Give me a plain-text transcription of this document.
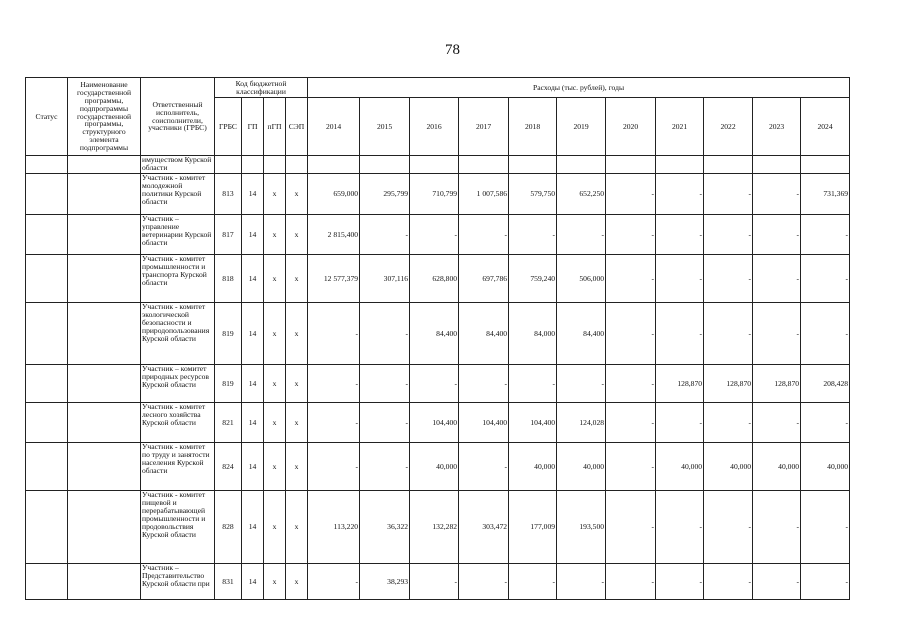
78
Статус	Наименование государственной программы, подпрограммы государственной программы, структурного элемента подпрограммы	Ответственный исполнитель, соисполнители, участники (ГРБС)	Код бюджетной классификации				Расходы (тыс. рублей), годы										
			ГРБС	ГП	пГП	СЭП	2014	2015	2016	2017	2018	2019	2020	2021	2022	2023	2024
		имуществом Курской области															
		Участник - комитет молодежной политики Курской области	813	14	х	х	659,000	295,799	710,799	1 007,586	579,750	652,250	-	-	-	-	731,369
		Участник – управление ветеринарии Курской области	817	14	х	х	2 815,400	-	-	-	-	-	-	-	-	-	-
		Участник - комитет промышленности и транспорта Курской области	818	14	х	х	12 577,379	307,116	628,800	697,786	759,240	506,000	-	-	-	-	-
		Участник - комитет экологической безопасности и природопользования Курской области	819	14	х	х	-	-	84,400	84,400	84,000	84,400	-	-	-	-	-
		Участник – комитет природных ресурсов Курской области	819	14	х	х	-	-	-	-	-	-	-	128,870	128,870	128,870	208,428
		Участник - комитет лесного хозяйства Курской области	821	14	х	х	-	-	104,400	104,400	104,400	124,028	-	-	-	-	-
		Участник - комитет по труду и занятости населения Курской области	824	14	х	х	-	-	40,000	-	40,000	40,000	-	40,000	40,000	40,000	40,000
		Участник - комитет пищевой и перерабатывающей промышленности и продовольствия Курской области	828	14	х	х	113,220	36,322	132,282	303,472	177,009	193,500	-	-	-	-	-
		Участник – Представительство Курской области при	831	14	х	х	-	38,293	-	-	-	-	-	-	-	-	-
